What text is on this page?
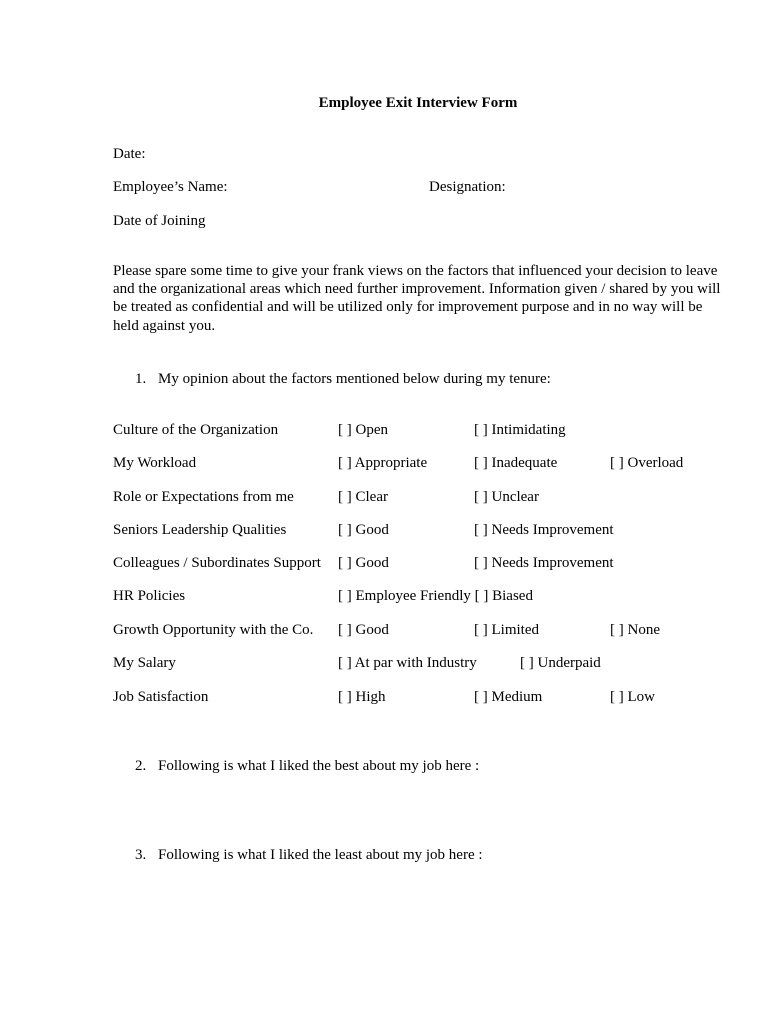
Employee Exit Interview Form
Date:
Employee’s Name:	Designation:
Date of Joining
Please spare some time to give your frank views on the factors that influenced your decision to leave and the organizational areas which need further improvement. Information given / shared by you will be treated as confidential and will be utilized only for improvement purpose and in no way will be held against you.
1. My opinion about the factors mentioned below during my tenure:
Culture of the Organization	[ ] Open	[ ] Intimidating
My Workload	[ ] Appropriate	[ ] Inadequate	[ ] Overload
Role or Expectations from me	[ ] Clear	[ ] Unclear
Seniors Leadership Qualities	[ ] Good	[ ] Needs Improvement
Colleagues / Subordinates Support [ ] Good	[ ] Needs Improvement
HR Policies	[ ] Employee Friendly [ ] Biased
Growth Opportunity with the Co. [ ] Good	[ ] Limited	[ ] None
My Salary	[ ] At par with Industry	[ ] Underpaid
Job Satisfaction	[ ] High	[ ] Medium	[ ] Low
2. Following is what I liked the best about my job here :
3. Following is what I liked the least about my job here :
